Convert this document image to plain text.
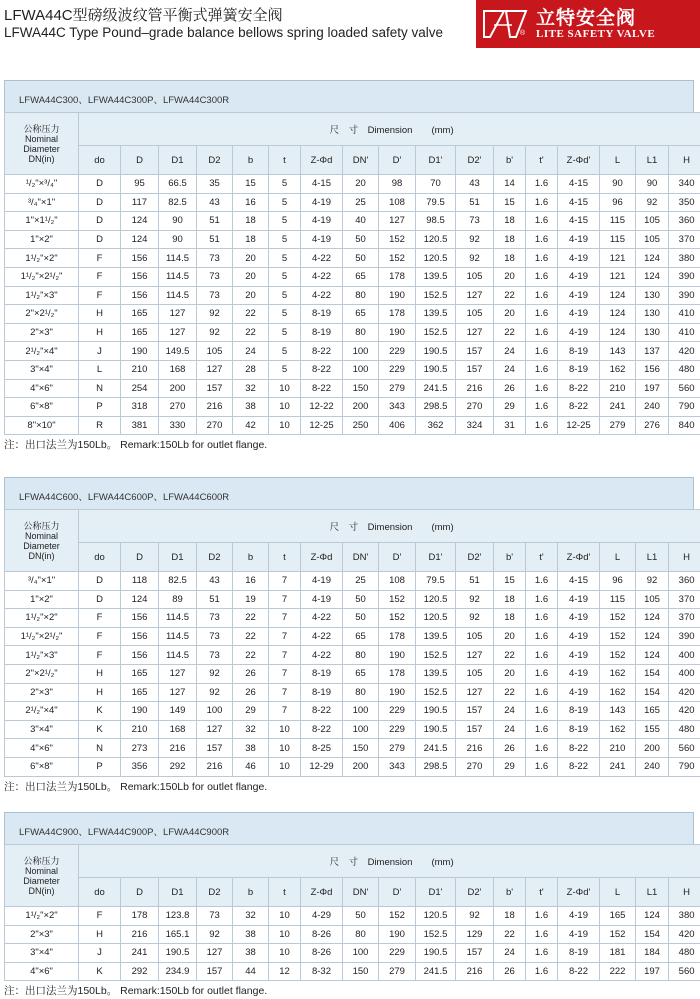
LFWA44C型磅级波纹管平衡式弹簧安全阀
LFWA44C Type Pound–grade balance bellows spring loaded safety valve	®
立特安全阀
LITE SAFETY VALVE
LFWA44C300、LFWA44C300P、LFWA44C300R
公称压力
Nominal
Diameter
DN(in)	尺　寸　Dimension　　(mm)																
	do	D	D1	D2	b	t	Z-Φd	DN'	D'	D1'	D2'	b'	t'	Z-Φd'	L	L1	H
¹/₂"×³/₄"	D	95	66.5	35	15	5	4-15	20	98	70	43	14	1.6	4-15	90	90	340
³/₄"×1"	D	117	82.5	43	16	5	4-19	25	108	79.5	51	15	1.6	4-15	96	92	350
1"×1¹/₂"	D	124	90	51	18	5	4-19	40	127	98.5	73	18	1.6	4-15	115	105	360
1"×2"	D	124	90	51	18	5	4-19	50	152	120.5	92	18	1.6	4-19	115	105	370
1¹/₂"×2"	F	156	114.5	73	20	5	4-22	50	152	120.5	92	18	1.6	4-19	121	124	380
1¹/₂"×2¹/₂"	F	156	114.5	73	20	5	4-22	65	178	139.5	105	20	1.6	4-19	121	124	390
1¹/₂"×3"	F	156	114.5	73	20	5	4-22	80	190	152.5	127	22	1.6	4-19	124	130	390
2"×2¹/₂"	H	165	127	92	22	5	8-19	65	178	139.5	105	20	1.6	4-19	124	130	410
2"×3"	H	165	127	92	22	5	8-19	80	190	152.5	127	22	1.6	4-19	124	130	410
2¹/₂"×4"	J	190	149.5	105	24	5	8-22	100	229	190.5	157	24	1.6	8-19	143	137	420
3"×4"	L	210	168	127	28	5	8-22	100	229	190.5	157	24	1.6	8-19	162	156	480
4"×6"	N	254	200	157	32	10	8-22	150	279	241.5	216	26	1.6	8-22	210	197	560
6"×8"	P	318	270	216	38	10	12-22	200	343	298.5	270	29	1.6	8-22	241	240	790
8"×10"	R	381	330	270	42	10	12-25	250	406	362	324	31	1.6	12-25	279	276	840
注：出口法兰为150Lb。 Remark:150Lb for outlet flange.
LFWA44C600、LFWA44C600P、LFWA44C600R
公称压力
Nominal
Diameter
DN(in)	尺　寸　Dimension　　(mm)																
	do	D	D1	D2	b	t	Z-Φd	DN'	D'	D1'	D2'	b'	t'	Z-Φd'	L	L1	H
³/₄"×1"	D	118	82.5	43	16	7	4-19	25	108	79.5	51	15	1.6	4-15	96	92	360
1"×2"	D	124	89	51	19	7	4-19	50	152	120.5	92	18	1.6	4-19	115	105	370
1¹/₂"×2"	F	156	114.5	73	22	7	4-22	50	152	120.5	92	18	1.6	4-19	152	124	370
1¹/₂"×2¹/₂"	F	156	114.5	73	22	7	4-22	65	178	139.5	105	20	1.6	4-19	152	124	390
1¹/₂"×3"	F	156	114.5	73	22	7	4-22	80	190	152.5	127	22	1.6	4-19	152	124	400
2"×2¹/₂"	H	165	127	92	26	7	8-19	65	178	139.5	105	20	1.6	4-19	162	154	400
2"×3"	H	165	127	92	26	7	8-19	80	190	152.5	127	22	1.6	4-19	162	154	420
2¹/₂"×4"	K	190	149	100	29	7	8-22	100	229	190.5	157	24	1.6	8-19	143	165	420
3"×4"	K	210	168	127	32	10	8-22	100	229	190.5	157	24	1.6	8-19	162	155	480
4"×6"	N	273	216	157	38	10	8-25	150	279	241.5	216	26	1.6	8-22	210	200	560
6"×8"	P	356	292	216	46	10	12-29	200	343	298.5	270	29	1.6	8-22	241	240	790
注：出口法兰为150Lb。 Remark:150Lb for outlet flange.
LFWA44C900、LFWA44C900P、LFWA44C900R
公称压力
Nominal
Diameter
DN(in)	尺　寸　Dimension　　(mm)																
	do	D	D1	D2	b	t	Z-Φd	DN'	D'	D1'	D2'	b'	t'	Z-Φd'	L	L1	H
1¹/₂"×2"	F	178	123.8	73	32	10	4-29	50	152	120.5	92	18	1.6	4-19	165	124	380
2"×3"	H	216	165.1	92	38	10	8-26	80	190	152.5	129	22	1.6	4-19	152	154	420
3"×4"	J	241	190.5	127	38	10	8-26	100	229	190.5	157	24	1.6	8-19	181	184	480
4"×6"	K	292	234.9	157	44	12	8-32	150	279	241.5	216	26	1.6	8-22	222	197	560
注：出口法兰为150Lb。 Remark:150Lb for outlet flange.
